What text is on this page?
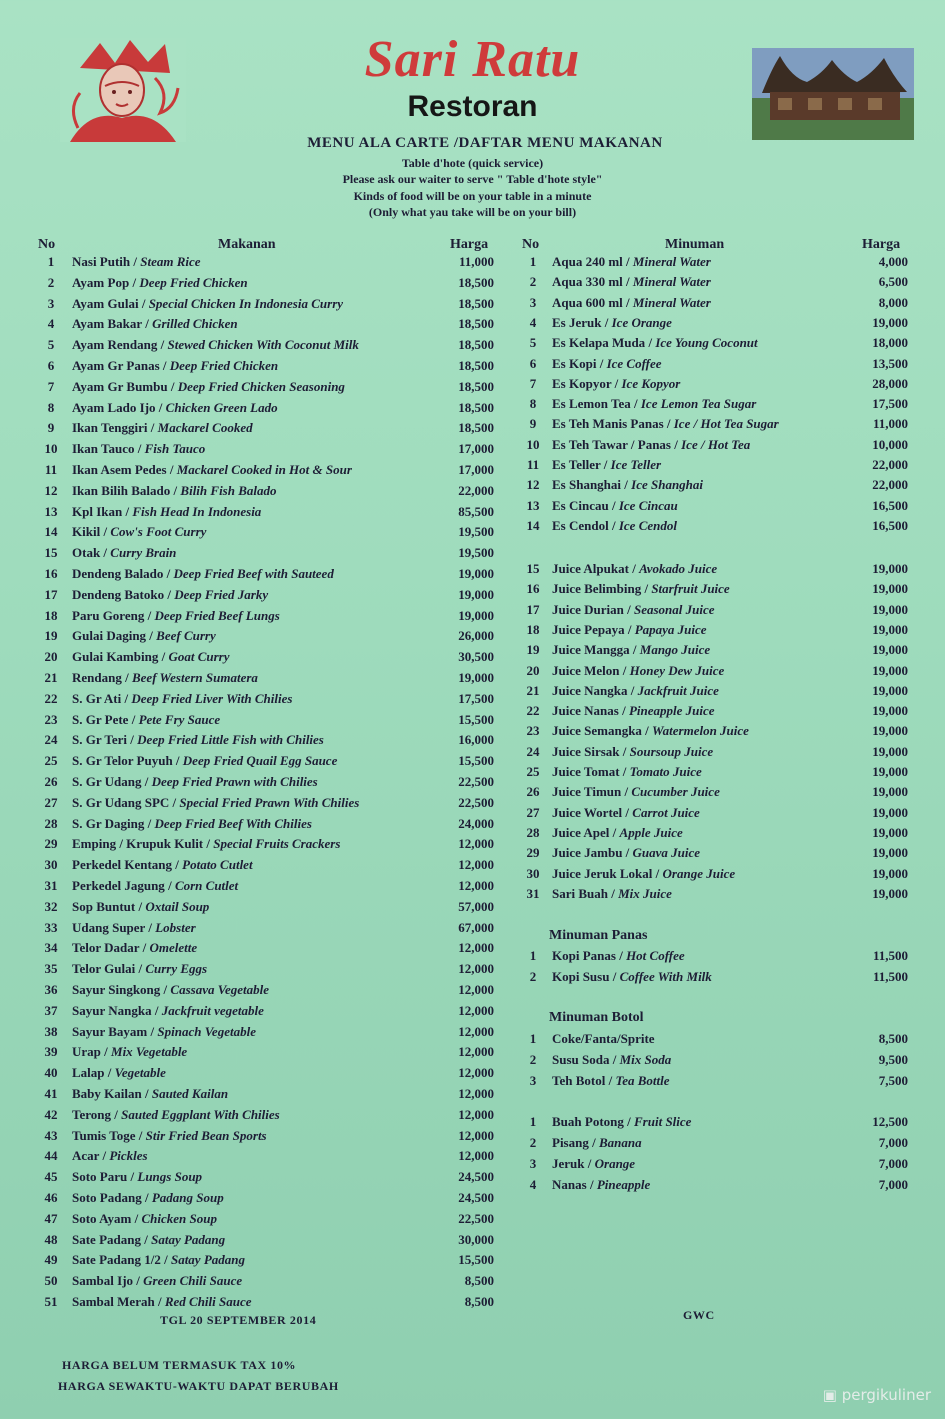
Sari Ratu
Restoran
MENU ALA CARTE /DAFTAR MENU MAKANAN
Table d'hote (quick service)
Please ask our waiter to serve " Table d'hote style"
Kinds of food will be on your table in a minute
(Only what yau take will be on your bill)
No	Makanan	Harga No	Minuman	Harga
1	Nasi Putih / Steam Rice	11,000
2	Ayam Pop / Deep Fried Chicken	18,500
3	Ayam Gulai / Special Chicken In Indonesia Curry	18,500
4	Ayam Bakar / Grilled Chicken	18,500
5	Ayam Rendang / Stewed Chicken With Coconut Milk	18,500
6	Ayam Gr Panas / Deep Fried Chicken	18,500
7	Ayam Gr Bumbu / Deep Fried Chicken Seasoning	18,500
8	Ayam Lado Ijo / Chicken Green Lado	18,500
9	Ikan Tenggiri / Mackarel Cooked	18,500
10	Ikan Tauco / Fish Tauco	17,000
11	Ikan Asem Pedes / Mackarel Cooked in Hot & Sour	17,000
12	Ikan Bilih Balado / Bilih Fish Balado	22,000
13	Kpl Ikan / Fish Head In Indonesia	85,500
14	Kikil / Cow's Foot Curry	19,500
15	Otak / Curry Brain	19,500
16	Dendeng Balado / Deep Fried Beef with Sauteed	19,000
17	Dendeng Batoko / Deep Fried Jarky	19,000
18	Paru Goreng / Deep Fried Beef Lungs	19,000
19	Gulai Daging / Beef Curry	26,000
20	Gulai Kambing / Goat Curry	30,500
21	Rendang / Beef Western Sumatera	19,000
22	S. Gr Ati / Deep Fried Liver With Chilies	17,500
23	S. Gr Pete / Pete Fry Sauce	15,500
24	S. Gr Teri / Deep Fried Little Fish with Chilies	16,000
25	S. Gr Telor Puyuh / Deep Fried Quail Egg Sauce	15,500
26	S. Gr Udang / Deep Fried Prawn with Chilies	22,500
27	S. Gr Udang SPC / Special Fried Prawn With Chilies	22,500
28	S. Gr Daging / Deep Fried Beef With Chilies	24,000
29	Emping / Krupuk Kulit / Special Fruits Crackers	12,000
30	Perkedel Kentang / Potato Cutlet	12,000
31	Perkedel Jagung / Corn Cutlet	12,000
32	Sop Buntut / Oxtail Soup	57,000
33	Udang Super / Lobster	67,000
34	Telor Dadar / Omelette	12,000
35	Telor Gulai / Curry Eggs	12,000
36	Sayur Singkong / Cassava Vegetable	12,000
37	Sayur Nangka / Jackfruit vegetable	12,000
38	Sayur Bayam / Spinach Vegetable	12,000
39	Urap / Mix Vegetable	12,000
40	Lalap / Vegetable	12,000
41	Baby Kailan / Sauted Kailan	12,000
42	Terong / Sauted Eggplant With Chilies	12,000
43	Tumis Toge / Stir Fried Bean Sports	12,000
44	Acar / Pickles	12,000
45	Soto Paru / Lungs Soup	24,500
46	Soto Padang / Padang Soup	24,500
47	Soto Ayam / Chicken Soup	22,500
48	Sate Padang / Satay Padang	30,000
49	Sate Padang 1/2 / Satay Padang	15,500
50	Sambal Ijo / Green Chili Sauce	8,500
51	Sambal Merah / Red Chili Sauce	8,500
1	Aqua 240 ml / Mineral Water	4,000
2	Aqua 330 ml / Mineral Water	6,500
3	Aqua 600 ml / Mineral Water	8,000
4	Es Jeruk / Ice Orange	19,000
5	Es Kelapa Muda / Ice Young Coconut	18,000
6	Es Kopi / Ice Coffee	13,500
7	Es Kopyor / Ice Kopyor	28,000
8	Es Lemon Tea / Ice Lemon Tea Sugar	17,500
9	Es Teh Manis Panas / Ice / Hot Tea Sugar	11,000
10 Es Teh Tawar / Panas / Ice / Hot Tea	10,000
11 Es Teller / Ice Teller	22,000
12 Es Shanghai / Ice Shanghai	22,000
13 Es Cincau / Ice Cincau	16,500
14 Es Cendol / Ice Cendol	16,500
15 Juice Alpukat / Avokado Juice	19,000
16 Juice Belimbing / Starfruit Juice	19,000
17 Juice Durian / Seasonal Juice	19,000
18 Juice Pepaya / Papaya Juice	19,000
19 Juice Mangga / Mango Juice	19,000
20 Juice Melon / Honey Dew Juice	19,000
21 Juice Nangka / Jackfruit Juice	19,000
22 Juice Nanas / Pineapple Juice	19,000
23 Juice Semangka / Watermelon Juice	19,000
24 Juice Sirsak / Soursoup Juice	19,000
25 Juice Tomat / Tomato Juice	19,000
26 Juice Timun / Cucumber Juice	19,000
27 Juice Wortel / Carrot Juice	19,000
28 Juice Apel / Apple Juice	19,000
29 Juice Jambu / Guava Juice	19,000
30 Juice Jeruk Lokal / Orange Juice	19,000
31 Sari Buah / Mix Juice	19,000
1	Kopi Panas / Hot Coffee	11,500
2	Kopi Susu / Coffee With Milk	11,500
1	Coke/Fanta/Sprite	8,500
2	Susu Soda / Mix Soda	9,500
3	Teh Botol / Tea Bottle	7,500
1	Buah Potong / Fruit Slice	12,500
2	Pisang / Banana	7,000
3	Jeruk / Orange	7,000
4	Nanas / Pineapple	7,000
Minuman Panas
Minuman Botol
TGL 20 SEPTEMBER 2014	GWC
HARGA BELUM TERMASUK TAX 10%
HARGA SEWAKTU-WAKTU DAPAT BERUBAH	▣ pergikuliner
